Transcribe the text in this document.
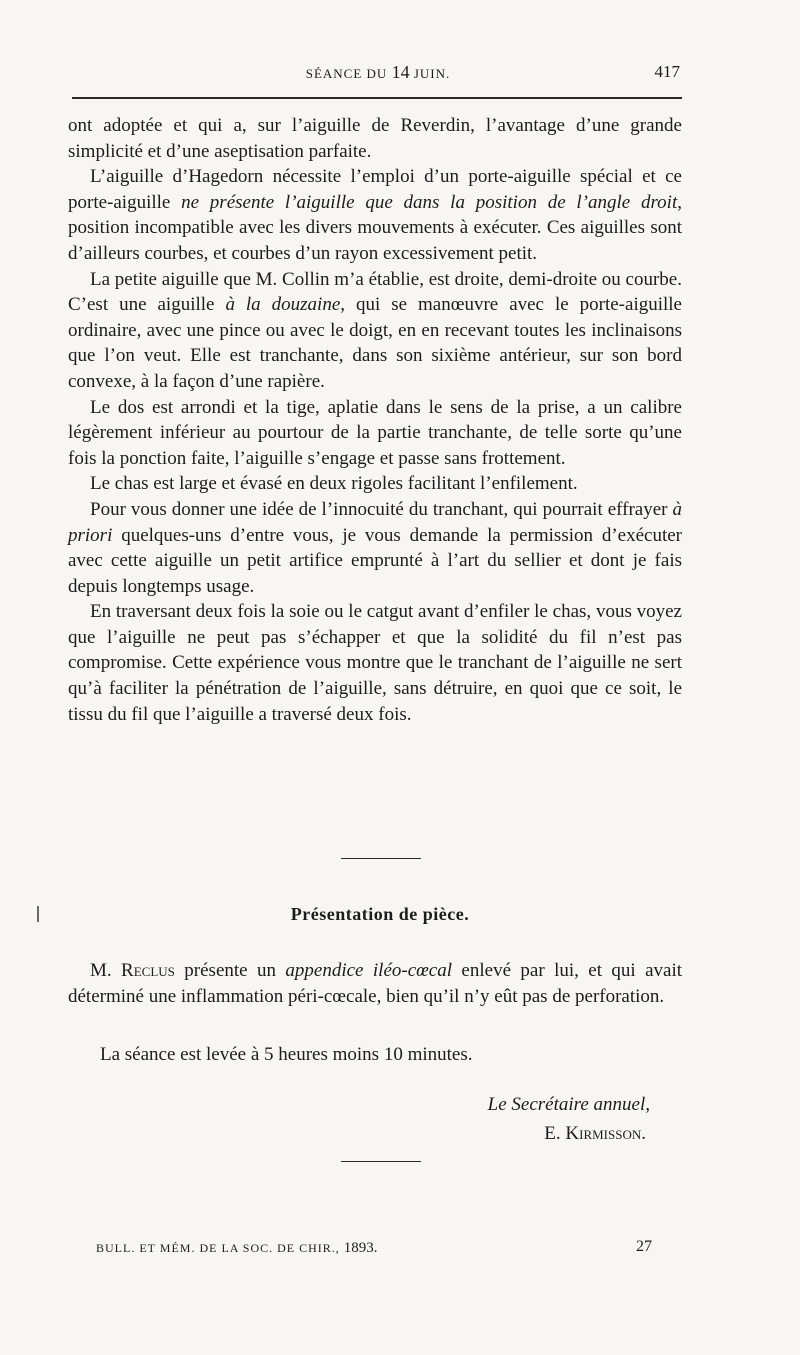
SÉANCE DU 14 JUIN.	417

ont adoptée et qui a, sur l’aiguille de Reverdin, l’avantage d’une grande simplicité et d’une aseptisation parfaite.

L’aiguille d’Hagedorn nécessite l’emploi d’un porte-aiguille spécial et ce porte-aiguille ne présente l’aiguille que dans la position de l’angle droit, position incompatible avec les divers mouvements à exécuter. Ces aiguilles sont d’ailleurs courbes, et courbes d’un rayon excessivement petit.

La petite aiguille que M. Collin m’a établie, est droite, demi-droite ou courbe. C’est une aiguille à la douzaine, qui se manœuvre avec le porte-aiguille ordinaire, avec une pince ou avec le doigt, en en recevant toutes les inclinaisons que l’on veut. Elle est tranchante, dans son sixième antérieur, sur son bord convexe, à la façon d’une rapière.

Le dos est arrondi et la tige, aplatie dans le sens de la prise, a un calibre légèrement inférieur au pourtour de la partie tranchante, de telle sorte qu’une fois la ponction faite, l’aiguille s’engage et passe sans frottement.

Le chas est large et évasé en deux rigoles facilitant l’enfilement.

Pour vous donner une idée de l’innocuité du tranchant, qui pourrait effrayer à priori quelques-uns d’entre vous, je vous demande la permission d’exécuter avec cette aiguille un petit artifice emprunté à l’art du sellier et dont je fais depuis longtemps usage.

En traversant deux fois la soie ou le catgut avant d’enfiler le chas, vous voyez que l’aiguille ne peut pas s’échapper et que la solidité du fil n’est pas compromise. Cette expérience vous montre que le tranchant de l’aiguille ne sert qu’à faciliter la pénétration de l’aiguille, sans détruire, en quoi que ce soit, le tissu du fil que l’aiguille a traversé deux fois.

Présentation de pièce.

M. Reclus présente un appendice iléo-cœcal enlevé par lui, et qui avait déterminé une inflammation péri-cœcale, bien qu’il n’y eût pas de perforation.

La séance est levée à 5 heures moins 10 minutes.
Le Secrétaire annuel,
E. Kirmisson.
BULL. ET MÉM. DE LA SOC. DE CHIR., 1893.	27
